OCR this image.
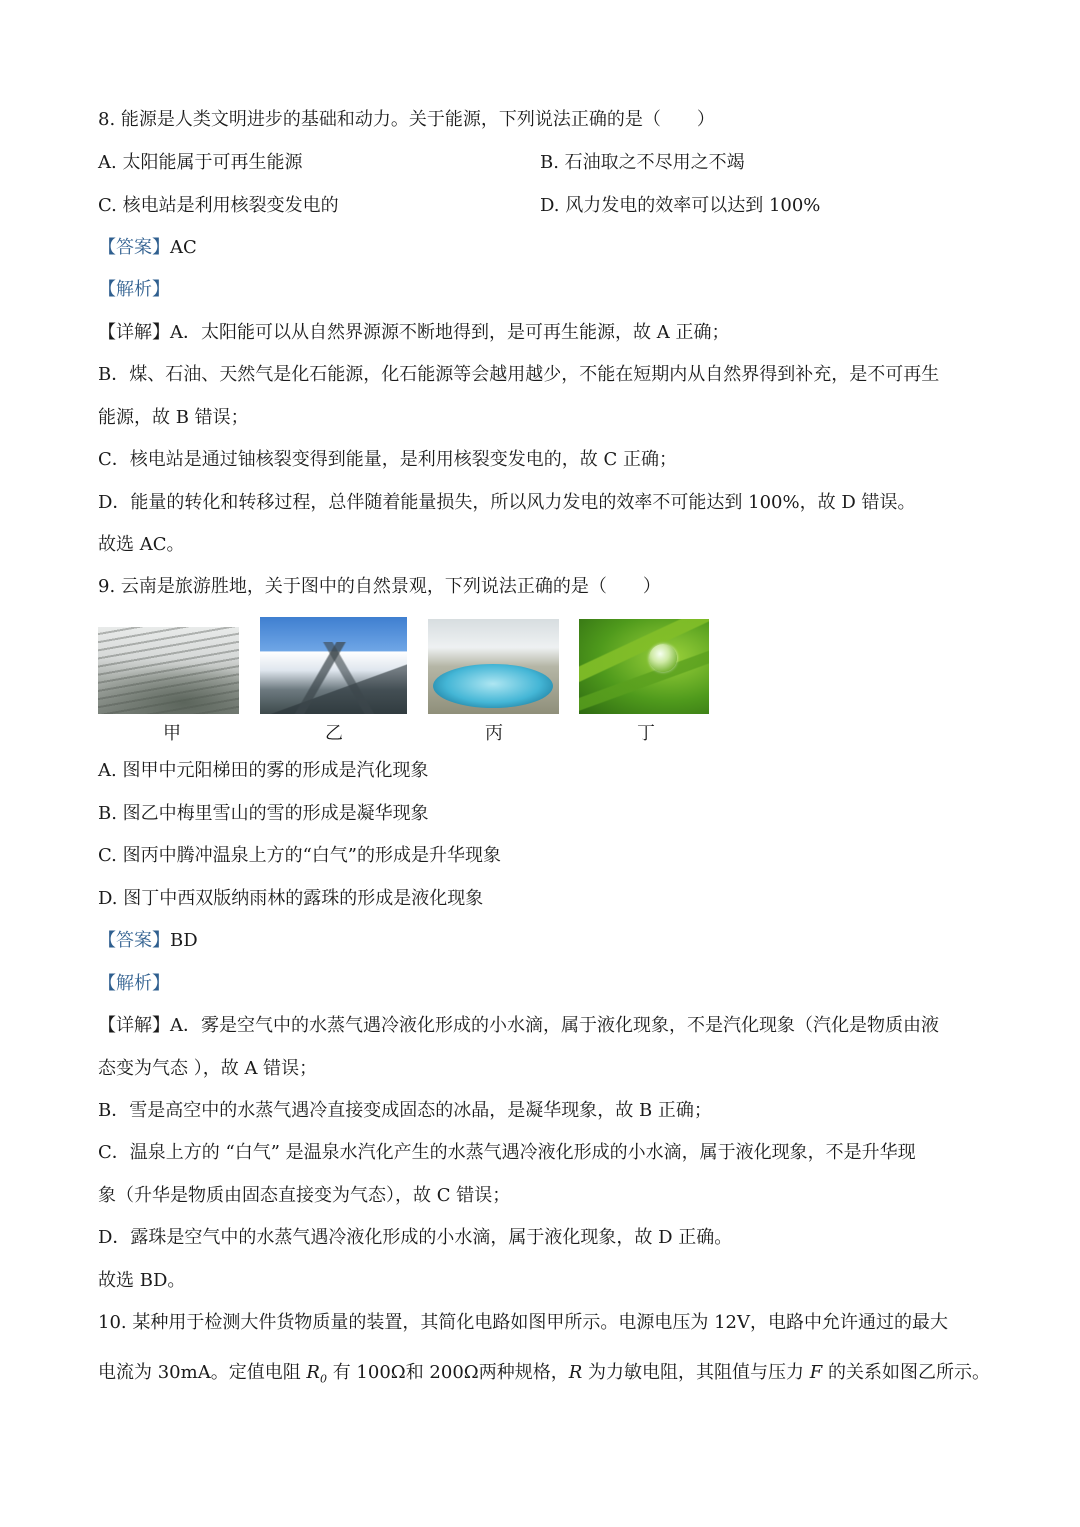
8. 能源是人类文明进步的基础和动力。关于能源，下列说法正确的是（　　）
A. 太阳能属于可再生能源	B. 石油取之不尽用之不竭
C. 核电站是利用核裂变发电的	D. 风力发电的效率可以达到 100%
【答案】AC
【解析】
【详解】A．太阳能可以从自然界源源不断地得到，是可再生能源，故 A 正确；
B．煤、石油、天然气是化石能源，化石能源等会越用越少，不能在短期内从自然界得到补充，是不可再生
能源，故 B 错误；
C．核电站是通过铀核裂变得到能量，是利用核裂变发电的，故 C 正确；
D．能量的转化和转移过程，总伴随着能量损失，所以风力发电的效率不可能达到 100%，故 D 错误。
故选 AC。
9. 云南是旅游胜地，关于图中的自然景观，下列说法正确的是（　　）
甲	乙	丙	丁
A. 图甲中元阳梯田的雾的形成是汽化现象
B. 图乙中梅里雪山的雪的形成是凝华现象
C. 图丙中腾冲温泉上方的“白气”的形成是升华现象
D. 图丁中西双版纳雨林的露珠的形成是液化现象
【答案】BD
【解析】
【详解】A．雾是空气中的水蒸气遇冷液化形成的小水滴，属于液化现象，不是汽化现象（汽化是物质由液
态变为气态 ），故 A 错误；
B．雪是高空中的水蒸气遇冷直接变成固态的冰晶，是凝华现象，故 B 正确；
C．温泉上方的 “白气” 是温泉水汽化产生的水蒸气遇冷液化形成的小水滴，属于液化现象，不是升华现
象（升华是物质由固态直接变为气态），故 C 错误；
D．露珠是空气中的水蒸气遇冷液化形成的小水滴，属于液化现象，故 D 正确。
故选 BD。
10. 某种用于检测大件货物质量的装置，其简化电路如图甲所示。电源电压为 12V，电路中允许通过的最大
电流为 30mA。定值电阻 $R_0$ 有 100Ω和 200Ω两种规格，R 为力敏电阻，其阻值与压力 F 的关系如图乙所示。
